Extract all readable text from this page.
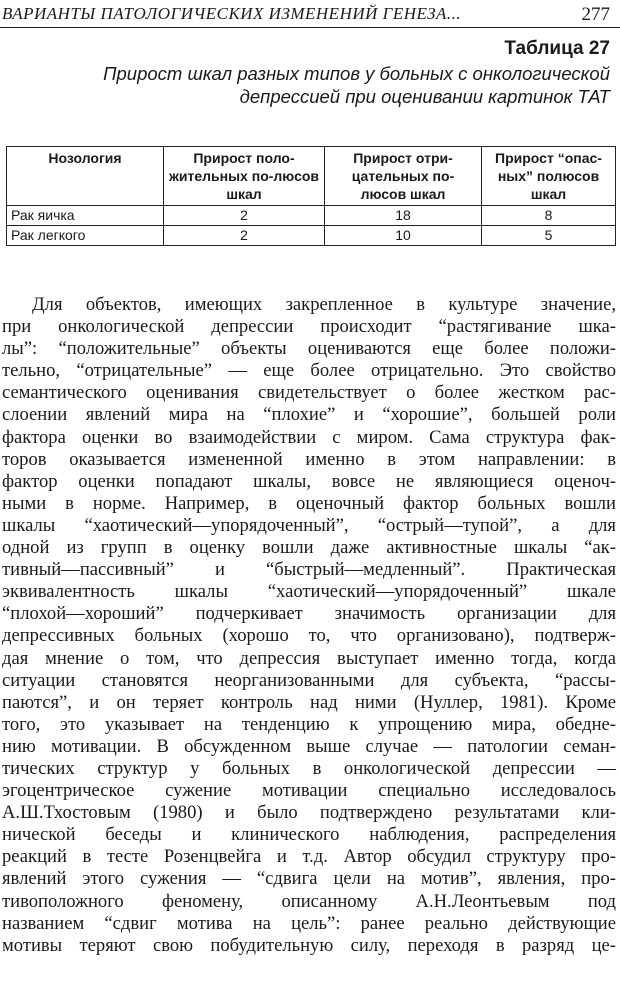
ВАРИАНТЫ ПАТОЛОГИЧЕСКИХ ИЗМЕНЕНИЙ ГЕНЕЗА...	277
Таблица 27
Прирост шкал разных типов у больных с онкологической
депрессией при оценивании картинок ТАТ
Нозология	Прирост поло-жительных по-люсов шкал	Прирост отри-цательных по-люсов шкал	Прирост “опас-ных” полюсов шкал
Рак яичка	2	18	8
Рак легкого	2	10	5
Для объектов, имеющих закрепленное в культуре значение,
при онкологической депрессии происходит “растягивание шка-
лы”: “положительные” объекты оцениваются еще более положи-
тельно, “отрицательные” — еще более отрицательно. Это свойство
семантического оценивания свидетельствует о более жестком рас-
слоении явлений мира на “плохие” и “хорошие”, большей роли
фактора оценки во взаимодействии с миром. Сама структура фак-
торов оказывается измененной именно в этом направлении: в
фактор оценки попадают шкалы, вовсе не являющиеся оценоч-
ными в норме. Например, в оценочный фактор больных вошли
шкалы “хаотический—упорядоченный”, “острый—тупой”, а для
одной из групп в оценку вошли даже активностные шкалы “ак-
тивный—пассивный” и “быстрый—медленный”. Практическая
эквивалентность шкалы “хаотический—упорядоченный” шкале
“плохой—хороший” подчеркивает значимость организации для
депрессивных больных (хорошо то, что организовано), подтверж-
дая мнение о том, что депрессия выступает именно тогда, когда
ситуации становятся неорганизованными для субъекта, “рассы-
паются”, и он теряет контроль над ними (Нуллер, 1981). Кроме
того, это указывает на тенденцию к упрощению мира, обедне-
нию мотивации. В обсужденном выше случае — патологии семан-
тических структур у больных в онкологической депрессии —
эгоцентрическое сужение мотивации специально исследовалось
А.Ш.Тхостовым (1980) и было подтверждено результатами кли-
нической беседы и клинического наблюдения, распределения
реакций в тесте Розенцвейга и т.д. Автор обсудил структуру про-
явлений этого сужения — “сдвига цели на мотив”, явления, про-
тивоположного феномену, описанному А.Н.Леонтьевым под
названием “сдвиг мотива на цель”: ранее реально действующие
мотивы теряют свою побудительную силу, переходя в разряд це-
